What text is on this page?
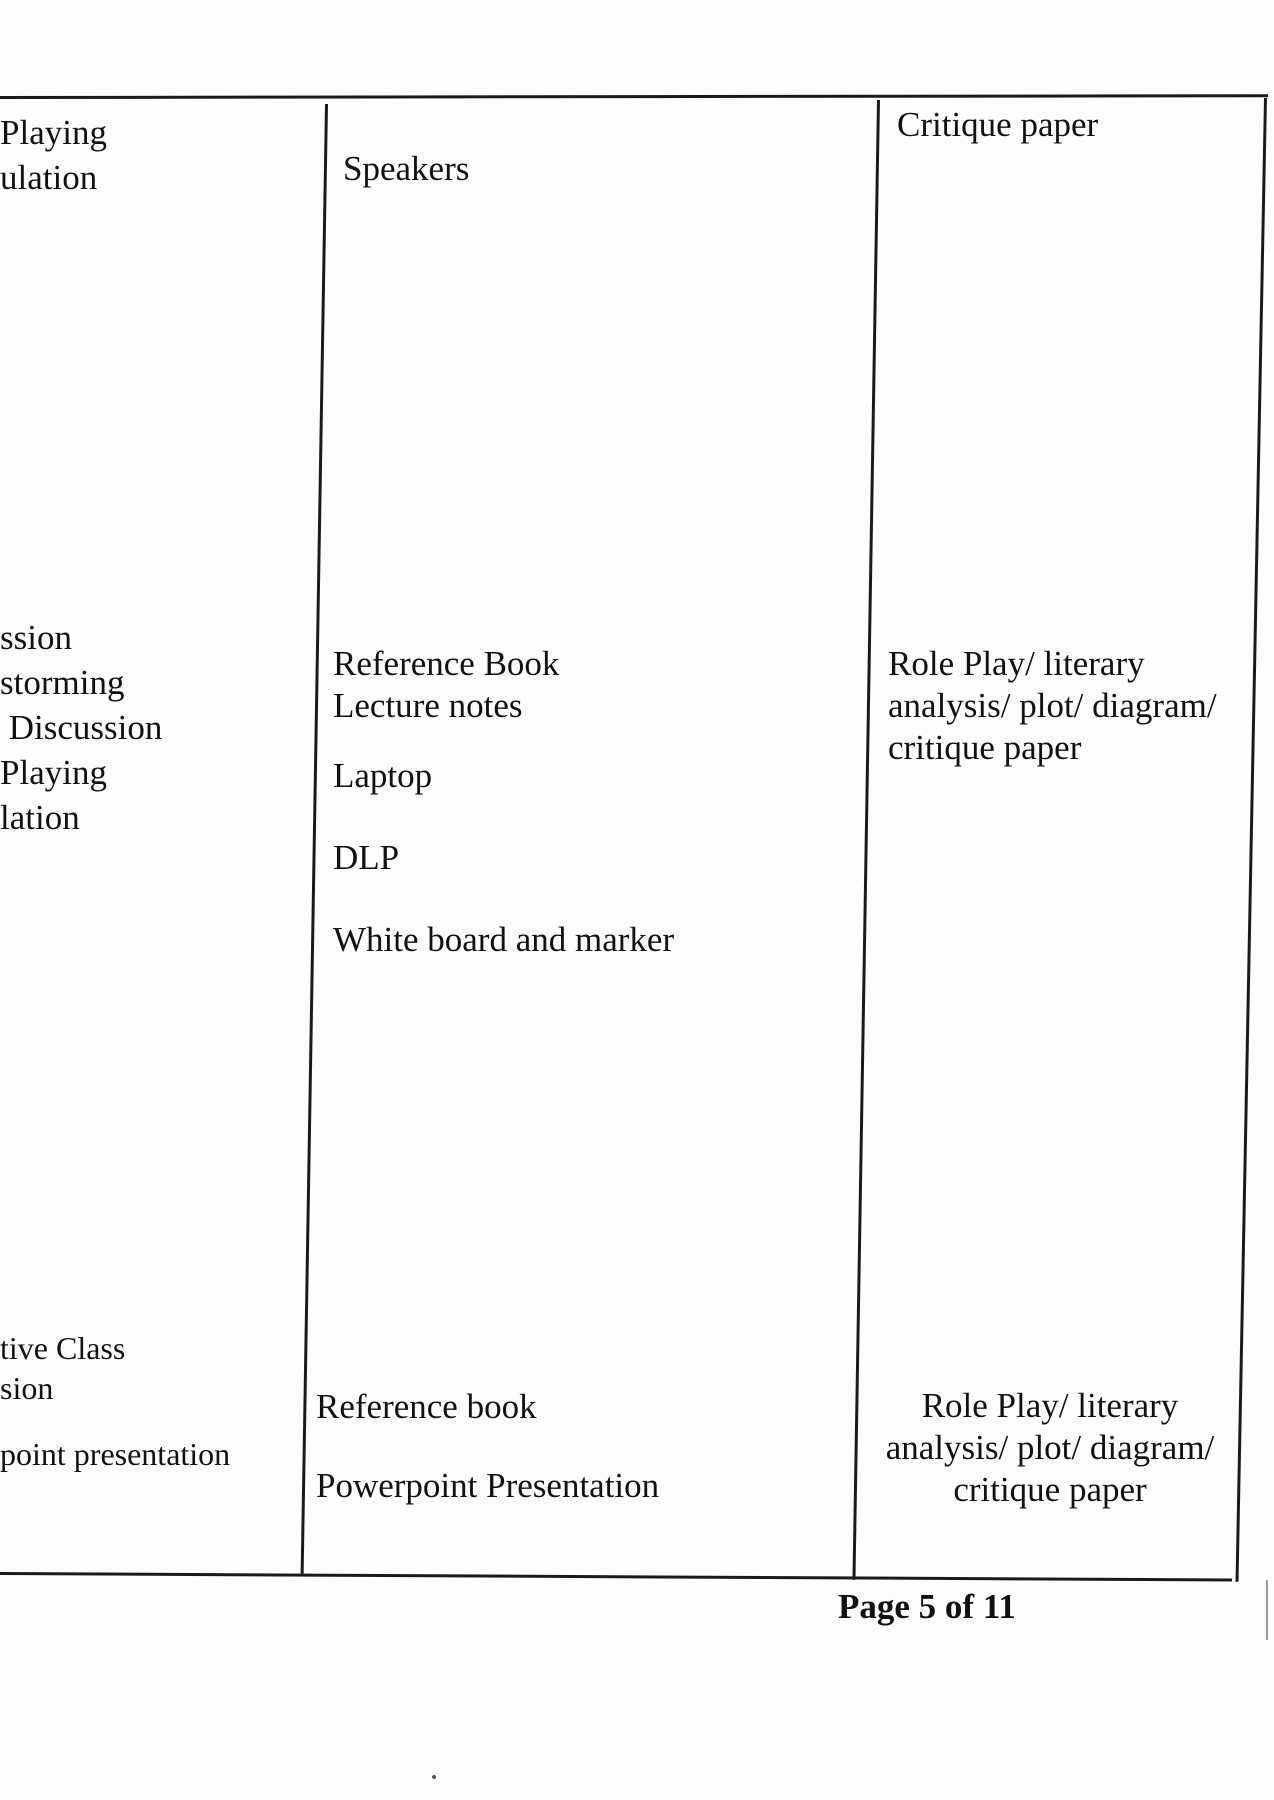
Playing
ulation
ssion
storming
Discussion
Playing
lation
tive Class
sion
point presentation
Speakers
Reference Book
Lecture notes
Laptop
DLP
White board and marker
Reference book
Powerpoint Presentation
Critique paper
Role Play/ literary
analysis/ plot/ diagram/
critique paper
Role Play/ literary
analysis/ plot/ diagram/
critique paper
Page 5 of 11
